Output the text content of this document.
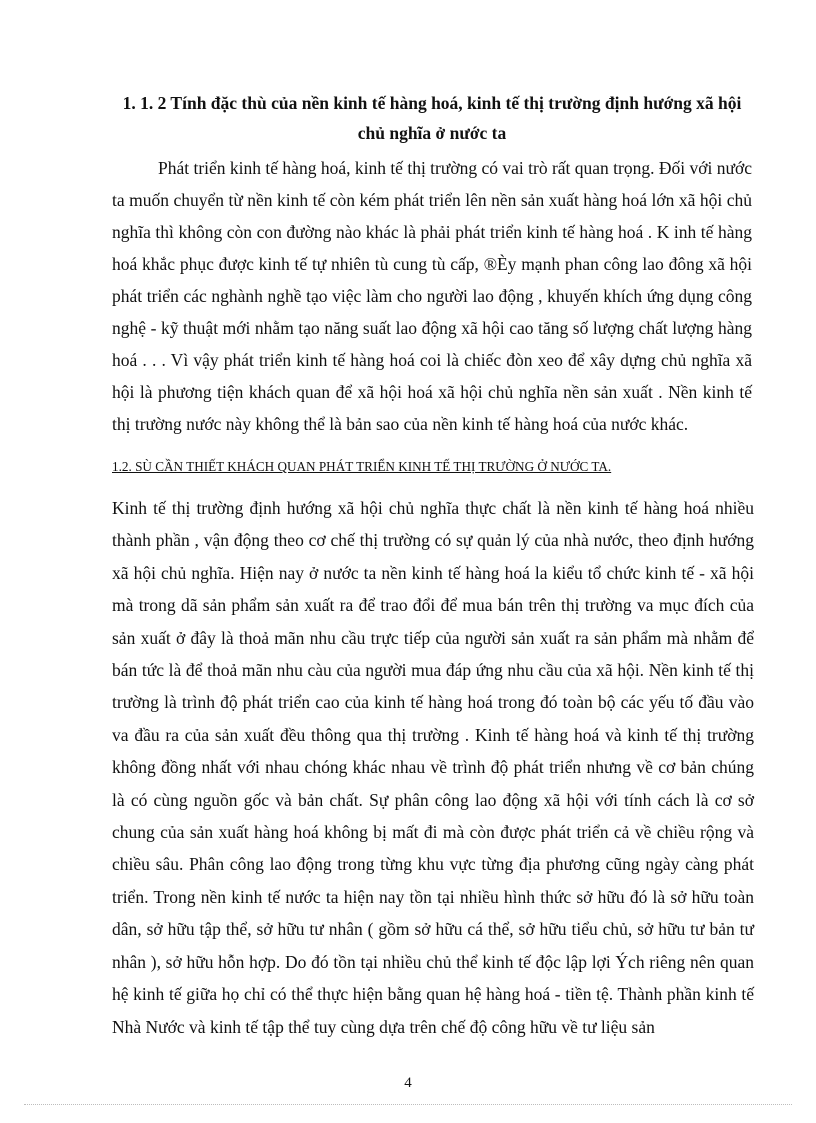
1. 1. 2 Tính đặc thù của nền kinh tế hàng hoá, kinh tế thị trường định hướng xã hội chủ nghĩa ở nước ta
Phát triển kinh tế hàng hoá, kinh tế thị trường có vai trò rất quan trọng. Đối với nước ta muốn chuyển từ nền kinh tế còn kém phát triển lên nền sản xuất hàng hoá lớn xã hội chủ nghĩa thì không còn con đường nào khác là phải phát triển kinh tế hàng hoá . K inh tế hàng hoá khắc phục được kinh tế tự nhiên tù cung tù cấp, ®Èy mạnh phan công lao đông xã hội phát triển các nghành nghề tạo việc làm cho người lao động , khuyến khích ứng dụng công nghệ - kỹ thuật mới nhằm tạo năng suất lao động xã hội cao tăng số lượng chất lượng hàng hoá . . . Vì vậy phát triển kinh tế hàng hoá coi là chiếc đòn xeo để xây dựng chủ nghĩa xã hội là phương tiện khách quan để xã hội hoá xã hội chủ nghĩa nền sản xuất . Nền kinh tế thị trường nước này không thể là bản sao của nền kinh tế hàng hoá của nước khác.
1.2. SÙ CẦN THIẾT KHÁCH QUAN PHÁT TRIỂN KINH TẾ THỊ TRƯỜNG Ở NƯỚC TA.
Kinh tế thị trường định hướng xã hội chủ nghĩa thực chất là nền kinh tế hàng hoá nhiều thành phần , vận động theo cơ chế thị trường có sự quản lý của nhà nước, theo định hướng xã hội chủ nghĩa. Hiện nay ở nước ta nền kinh tế hàng hoá la kiểu tổ chức kinh tế - xã hội mà trong dã sản phẩm sản xuất ra để trao đổi để mua bán trên thị trường va mục đích của sản xuất ở đây là thoả mãn nhu cầu trực tiếp của người sản xuất ra sản phẩm mà nhằm để bán tức là để thoả mãn nhu càu của người mua đáp ứng nhu cầu của xã hội. Nền kinh tế thị trường là trình độ phát triển cao của kinh tế hàng hoá trong đó toàn bộ các yếu tố đầu vào va đầu ra của sản xuất đều thông qua thị trường . Kinh tế hàng hoá và kinh tế thị trường không đồng nhất với nhau chóng khác nhau về trình độ phát triển nhưng về cơ bản chúng là có cùng nguồn gốc và bản chất. Sự phân công lao động xã hội với tính cách là cơ sở chung của sản xuất hàng hoá không bị mất đi mà còn được phát triển cả về chiều rộng và chiều sâu. Phân công lao động trong từng khu vực từng địa phương cũng ngày càng phát triển. Trong nền kinh tế nước ta hiện nay tồn tại nhiều hình thức sở hữu đó là sở hữu toàn dân, sở hữu tập thể, sở hữu tư nhân ( gồm sở hữu cá thể, sở hữu tiểu chủ, sở hữu tư bản tư nhân ), sở hữu hỗn hợp. Do đó tồn tại nhiều chủ thể kinh tế độc lập lợi Ých riêng nên quan hệ kinh tế giữa họ chỉ có thể thực hiện bằng quan hệ hàng hoá - tiền tệ. Thành phần kinh tế Nhà Nước và kinh tế tập thể tuy cùng dựa trên chế độ công hữu về tư liệu sản
4
